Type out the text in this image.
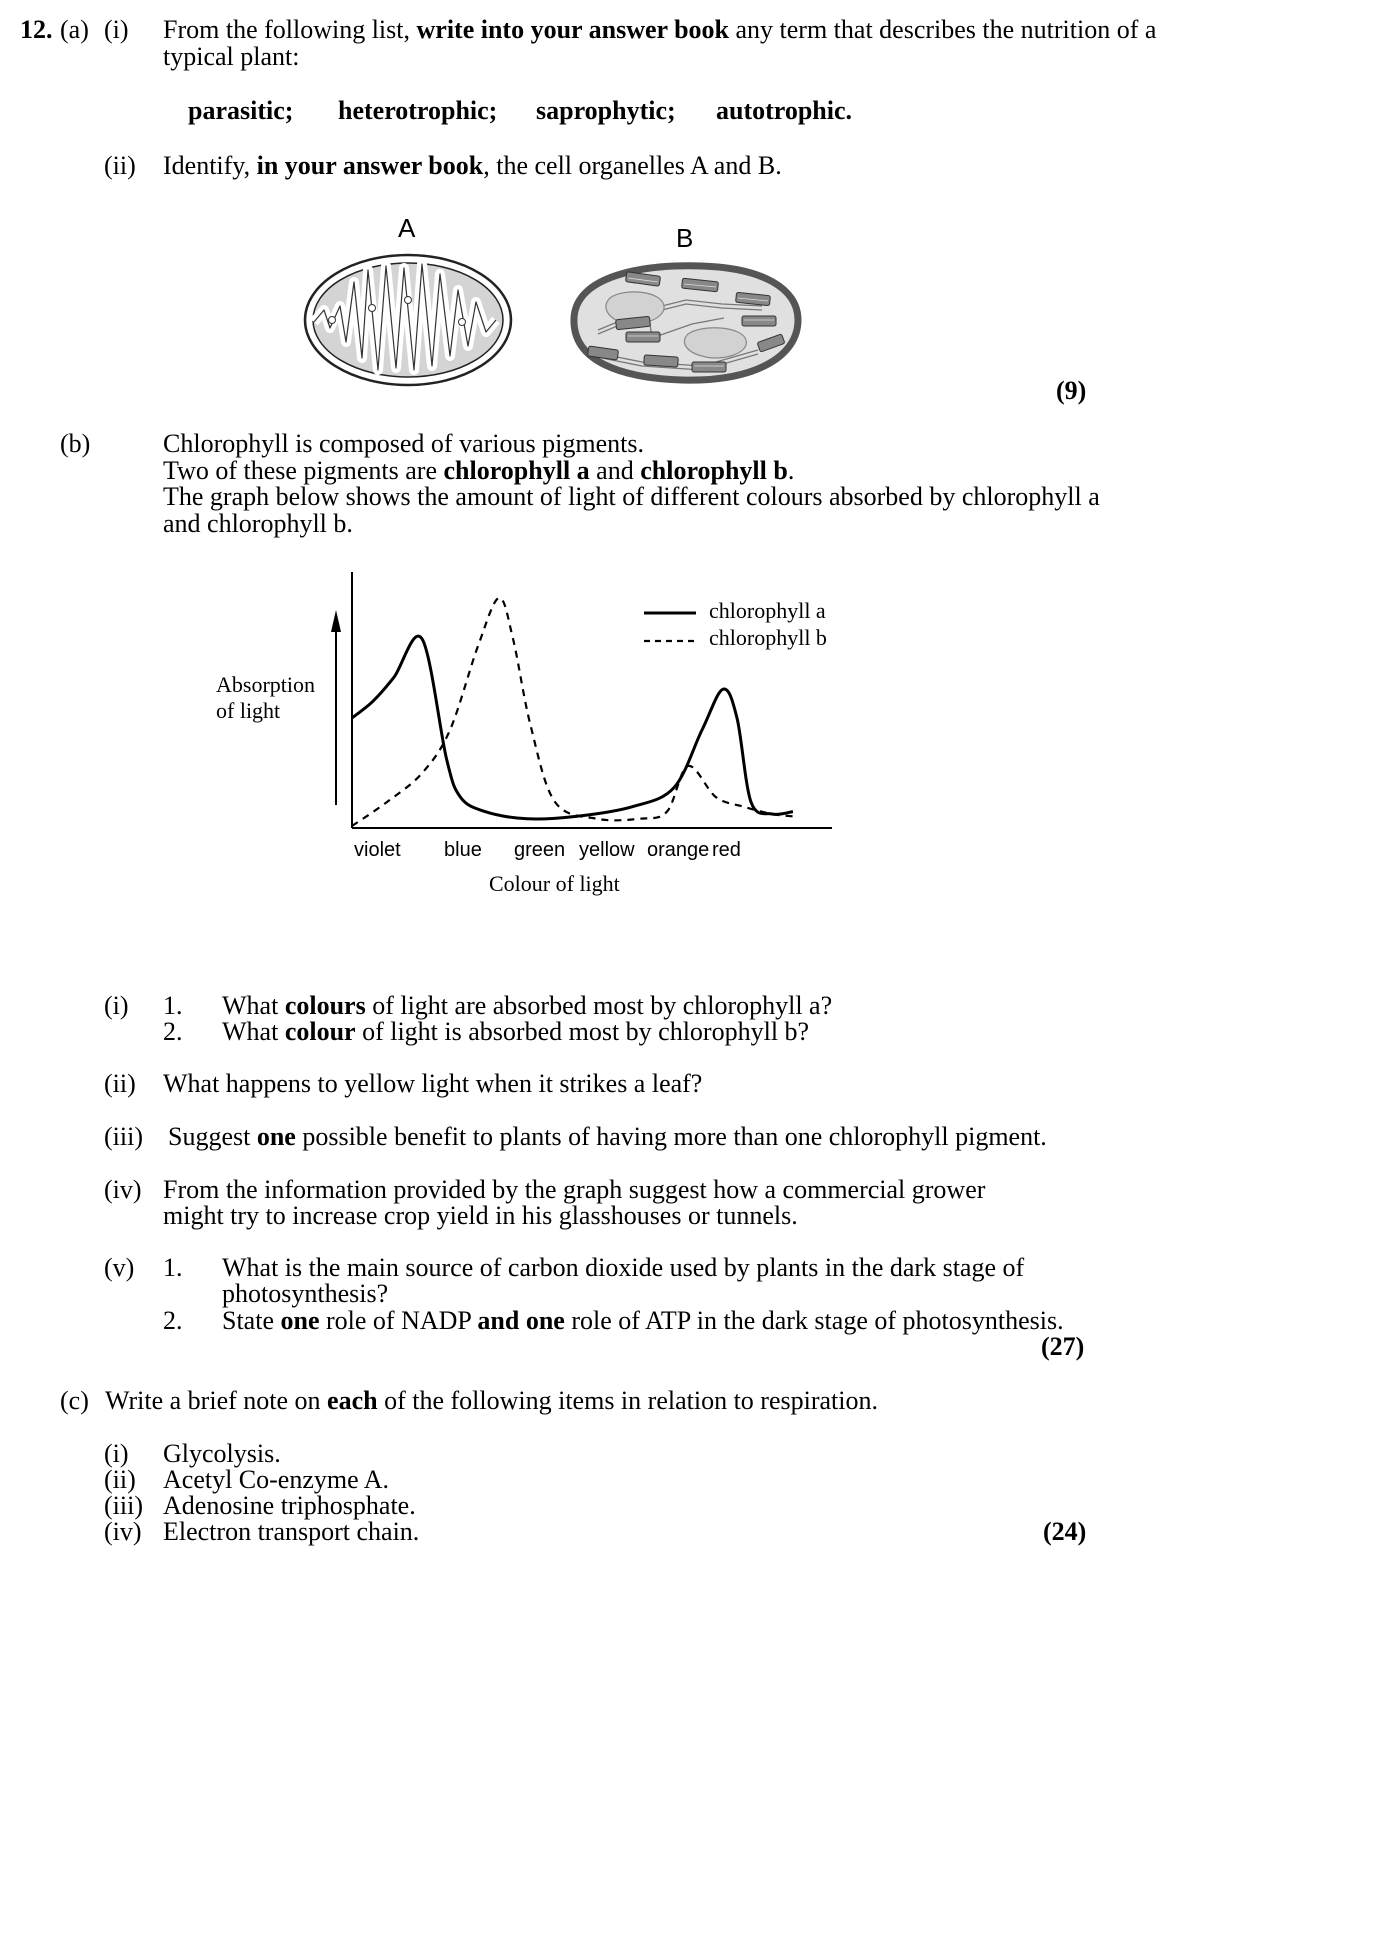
12. (a) (i) From the following list, write into your answer book any term that describes the nutrition of a
typical plant:
parasitic; heterotrophic; saprophytic; autotrophic.
(ii) Identify, in your answer book, the cell organelles A and B.
A	B
(9)
(b)	Chlorophyll is composed of various pigments.
Two of these pigments are chlorophyll a and chlorophyll b.
The graph below shows the amount of light of different colours absorbed by chlorophyll a
and chlorophyll b.
Absorption
of light
chlorophyll a
chlorophyll b
violet blue green yellow orange red
Colour of light
(i) 1. What colours of light are absorbed most by chlorophyll a?
2. What colour of light is absorbed most by chlorophyll b?
(ii) What happens to yellow light when it strikes a leaf?
(iii) Suggest one possible benefit to plants of having more than one chlorophyll pigment.
(iv) From the information provided by the graph suggest how a commercial grower
might try to increase crop yield in his glasshouses or tunnels.
(v) 1. What is the main source of carbon dioxide used by plants in the dark stage of
photosynthesis?
2. State one role of NADP and one role of ATP in the dark stage of photosynthesis.
(27)
(c) Write a brief note on each of the following items in relation to respiration.
(i) Glycolysis.
(ii) Acetyl Co-enzyme A.
(iii) Adenosine triphosphate.
(iv) Electron transport chain.	(24)
